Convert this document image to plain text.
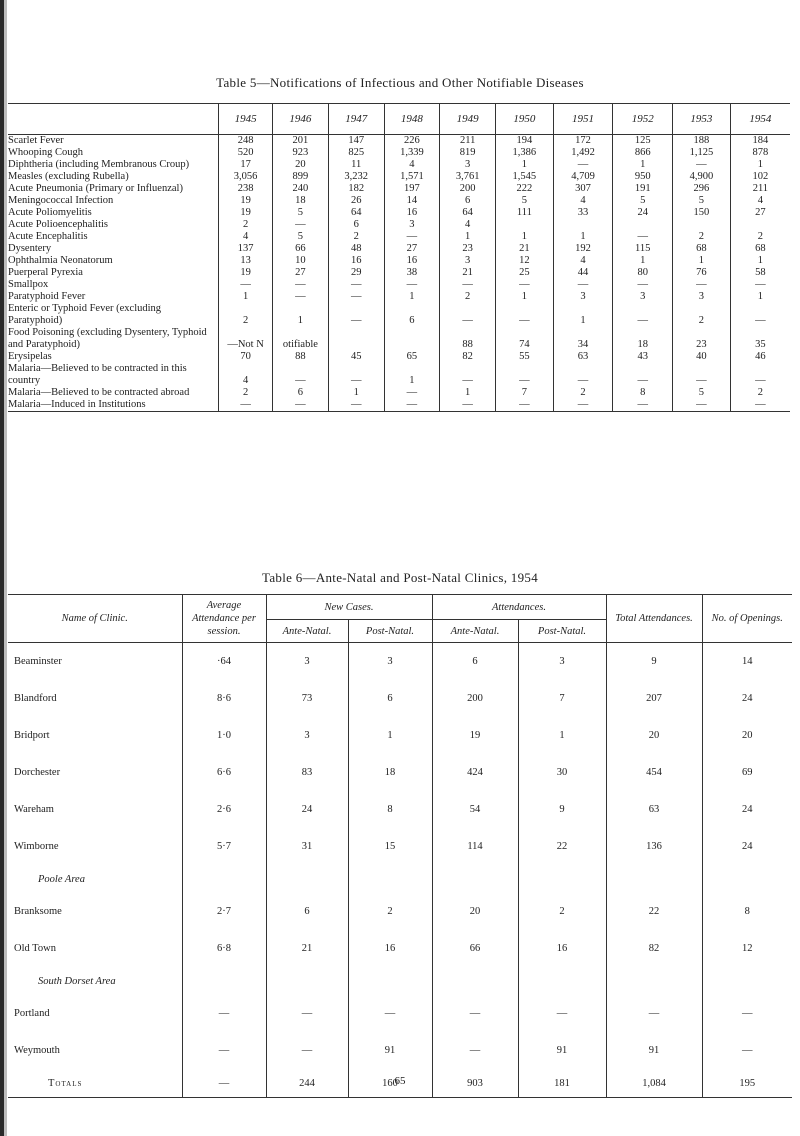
Table 5—Notifications of Infectious and Other Notifiable Diseases
	1945	1946	1947	1948	1949	1950	1951	1952	1953	1954
Scarlet Fever	248	201	147	226	211	194	172	125	188	184
Whooping Cough	520	923	825	1,339	819	1,386	1,492	866	1,125	878
Diphtheria (including Membranous Croup)	17	20	11	4	3	1	—	1	—	1
Measles (excluding Rubella)	3,056	899	3,232	1,571	3,761	1,545	4,709	950	4,900	102
Acute Pneumonia (Primary or Influenzal)	238	240	182	197	200	222	307	191	296	211
Meningococcal Infection	19	18	26	14	6	5	4	5	5	4
Acute Poliomyelitis	19	5	64	16	64	111	33	24	150	27
Acute Polioencephalitis	2	—	6	3	4					
Acute Encephalitis	4	5	2	—	1	1	1	—	2	2
Dysentery	137	66	48	27	23	21	192	115	68	68
Ophthalmia Neonatorum	13	10	16	16	3	12	4	1	1	1
Puerperal Pyrexia	19	27	29	38	21	25	44	80	76	58
Smallpox	—	—	—	—	—	—	—	—	—	—
Paratyphoid Fever	1	—	—	1	2	1	3	3	3	1
Enteric or Typhoid Fever (excluding Paratyphoid)	2	1	—	6	—	—	1	—	2	—
Food Poisoning (excluding Dysentery, Typhoid and Paratyphoid)	—Not N	otifiable			88	74	34	18	23	35
Erysipelas	70	88	45	65	82	55	63	43	40	46
Malaria—Believed to be contracted in this country	4	—	—	1	—	—	—	—	—	—
Malaria—Believed to be contracted abroad	2	6	1	—	1	7	2	8	5	2
Malaria—Induced in Institutions	—	—	—	—	—	—	—	—	—	—
Table 6—Ante-Natal and Post-Natal Clinics, 1954
Name of Clinic.	Average Attendance per session.	New Cases.		Attendances.		Total Attendances.	No. of Openings.
		Ante-Natal.	Post-Natal.	Ante-Natal.	Post-Natal.		
Beaminster	·64	3	3	6	3	9	14
Blandford	8·6	73	6	200	7	207	24
Bridport	1·0	3	1	19	1	20	20
Dorchester	6·6	83	18	424	30	454	69
Wareham	2·6	24	8	54	9	63	24
Wimborne	5·7	31	15	114	22	136	24
Poole Area							
Branksome	2·7	6	2	20	2	22	8
Old Town	6·8	21	16	66	16	82	12
South Dorset Area							
Portland	—	—	—	—	—	—	—
Weymouth	—	—	91	—	91	91	—
Totals	—	244	160	903	181	1,084	195
65
